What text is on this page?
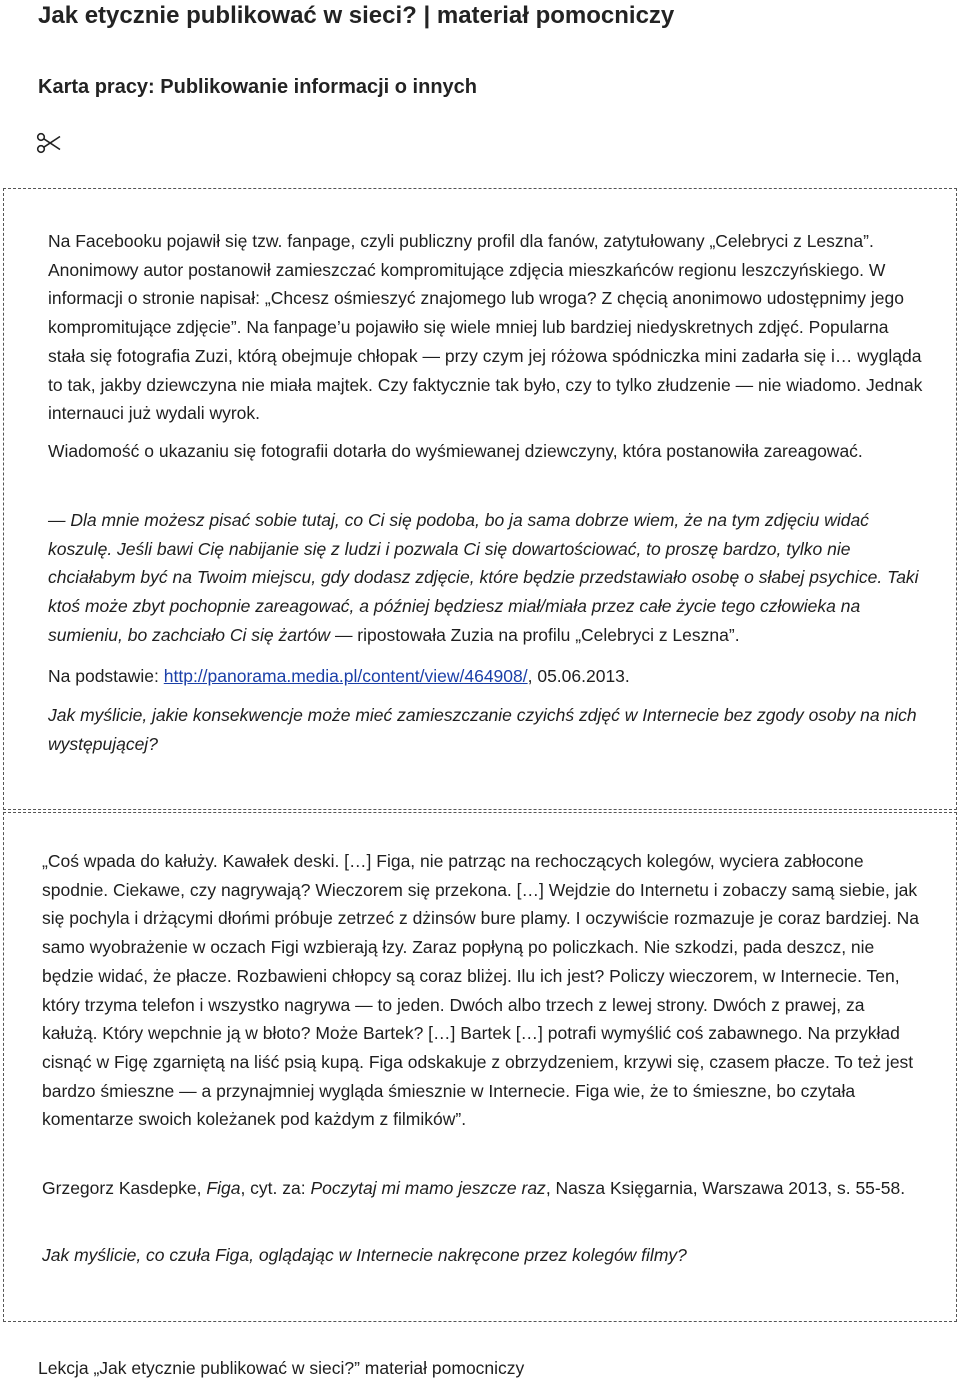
Jak etycznie publikować w sieci? | materiał pomocniczy
Karta pracy: Publikowanie informacji o innych

Na Facebooku pojawił się tzw. fanpage, czyli publiczny profil dla fanów, zatytułowany „Celebryci z Leszna”. Anonimowy autor postanowił zamieszczać kompromitujące zdjęcia mieszkańców regionu leszczyńskiego. W informacji o stronie napisał: „Chcesz ośmieszyć znajomego lub wroga? Z chęcią anonimowo udostępnimy jego kompromitujące zdjęcie”. Na fanpage’u pojawiło się wiele mniej lub bardziej niedyskretnych zdjęć. Popularna stała się fotografia Zuzi, którą obejmuje chłopak — przy czym jej różowa spódniczka mini zadarła się i… wygląda to tak, jakby dziewczyna nie miała majtek. Czy faktycznie tak było, czy to tylko złudzenie — nie wiadomo. Jednak internauci już wydali wyrok.

Wiadomość o ukazaniu się fotografii dotarła do wyśmiewanej dziewczyny, która postanowiła zareagować.

— Dla mnie możesz pisać sobie tutaj, co Ci się podoba, bo ja sama dobrze wiem, że na tym zdjęciu widać koszulę. Jeśli bawi Cię nabijanie się z ludzi i pozwala Ci się dowartościować, to proszę bardzo, tylko nie chciałabym być na Twoim miejscu, gdy dodasz zdjęcie, które będzie przedstawiało osobę o słabej psychice. Taki ktoś może zbyt pochopnie zareagować, a później będziesz miał/miała przez całe życie tego człowieka na sumieniu, bo zachciało Ci się żartów — ripostowała Zuzia na profilu „Celebryci z Leszna”.

Na podstawie: http://panorama.media.pl/content/view/464908/, 05.06.2013.

Jak myślicie, jakie konsekwencje może mieć zamieszczanie czyichś zdjęć w Internecie bez zgody osoby na nich występującej?

„Coś wpada do kałuży. Kawałek deski. […] Figa, nie patrząc na rechoczących kolegów, wyciera zabłocone spodnie. Ciekawe, czy nagrywają? Wieczorem się przekona. […] Wejdzie do Internetu i zobaczy samą siebie, jak się pochyla i drżącymi dłońmi próbuje zetrzeć z dżinsów bure plamy. I oczywiście rozmazuje je coraz bardziej. Na samo wyobrażenie w oczach Figi wzbierają łzy. Zaraz popłyną po policzkach. Nie szkodzi, pada deszcz, nie będzie widać, że płacze. Rozbawieni chłopcy są coraz bliżej. Ilu ich jest? Policzy wieczorem, w Internecie. Ten, który trzyma telefon i wszystko nagrywa — to jeden. Dwóch albo trzech z lewej strony. Dwóch z prawej, za kałużą. Który wepchnie ją w błoto? Może Bartek? […] Bartek […] potrafi wymyślić coś zabawnego. Na przykład cisnąć w Figę zgarniętą na liść psią kupą. Figa odskakuje z obrzydzeniem, krzywi się, czasem płacze. To też jest bardzo śmieszne — a przynajmniej wygląda śmiesznie w Internecie. Figa wie, że to śmieszne, bo czytała komentarze swoich koleżanek pod każdym z filmików”.

Grzegorz Kasdepke, Figa, cyt. za: Poczytaj mi mamo jeszcze raz, Nasza Księgarnia, Warszawa 2013, s. 55-58.

Jak myślicie, co czuła Figa, oglądając w Internecie nakręcone przez kolegów filmy?

Lekcja „Jak etycznie publikować w sieci?” materiał pomocniczy
